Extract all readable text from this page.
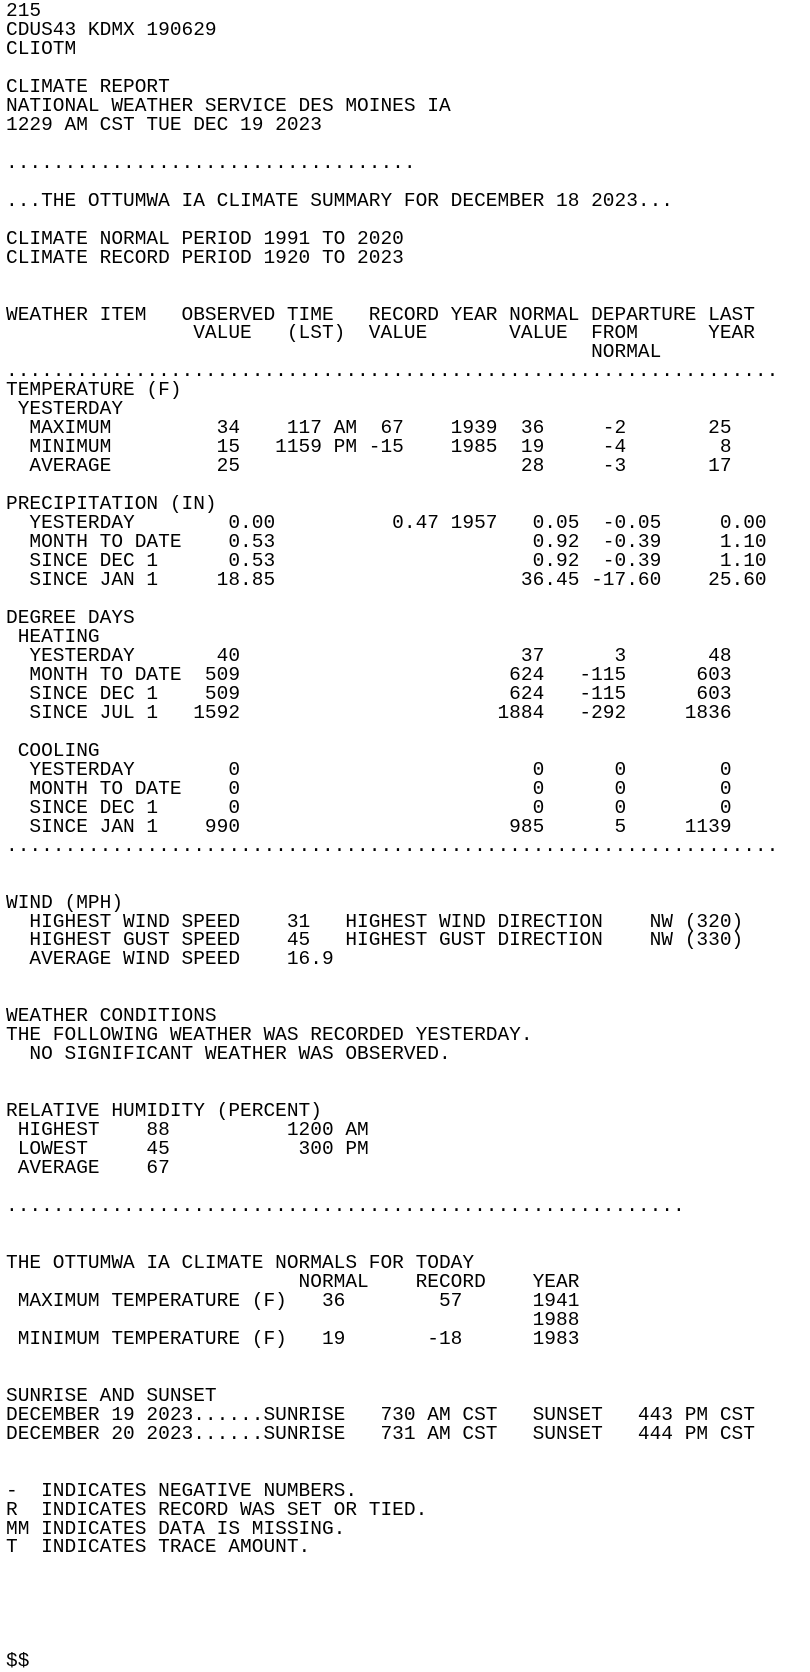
215
CDUS43 KDMX 190629
CLIOTM
CLIMATE REPORT
NATIONAL WEATHER SERVICE DES MOINES IA
1229 AM CST TUE DEC 19 2023
...................................
...THE OTTUMWA IA CLIMATE SUMMARY FOR DECEMBER 18 2023...
CLIMATE NORMAL PERIOD 1991 TO 2020
CLIMATE RECORD PERIOD 1920 TO 2023
WEATHER ITEM   OBSERVED TIME   RECORD YEAR NORMAL DEPARTURE LAST
VALUE   (LST)  VALUE       VALUE  FROM      YEAR
NORMAL
..................................................................
TEMPERATURE (F)
YESTERDAY
MAXIMUM         34    117 AM  67    1939  36     -2       25
MINIMUM         15   1159 PM -15    1985  19     -4        8
AVERAGE         25                        28     -3       17
PRECIPITATION (IN)
YESTERDAY        0.00          0.47 1957   0.05  -0.05     0.00
MONTH TO DATE    0.53                      0.92  -0.39     1.10
SINCE DEC 1      0.53                      0.92  -0.39     1.10
SINCE JAN 1     18.85                     36.45 -17.60    25.60
DEGREE DAYS
HEATING
YESTERDAY       40                        37      3       48
MONTH TO DATE  509                       624   -115      603
SINCE DEC 1    509                       624   -115      603
SINCE JUL 1   1592                      1884   -292     1836
COOLING
YESTERDAY        0                         0      0        0
MONTH TO DATE    0                         0      0        0
SINCE DEC 1      0                         0      0        0
SINCE JAN 1    990                       985      5     1139
..................................................................
WIND (MPH)
HIGHEST WIND SPEED    31   HIGHEST WIND DIRECTION    NW (320)
HIGHEST GUST SPEED    45   HIGHEST GUST DIRECTION    NW (330)
AVERAGE WIND SPEED    16.9
WEATHER CONDITIONS
THE FOLLOWING WEATHER WAS RECORDED YESTERDAY.
NO SIGNIFICANT WEATHER WAS OBSERVED.
RELATIVE HUMIDITY (PERCENT)
HIGHEST    88          1200 AM
LOWEST     45           300 PM
AVERAGE    67
..........................................................
THE OTTUMWA IA CLIMATE NORMALS FOR TODAY
NORMAL    RECORD    YEAR
MAXIMUM TEMPERATURE (F)   36        57      1941
1988
MINIMUM TEMPERATURE (F)   19       -18      1983
SUNRISE AND SUNSET
DECEMBER 19 2023......SUNRISE   730 AM CST   SUNSET   443 PM CST
DECEMBER 20 2023......SUNRISE   731 AM CST   SUNSET   444 PM CST
-  INDICATES NEGATIVE NUMBERS.
R  INDICATES RECORD WAS SET OR TIED.
MM INDICATES DATA IS MISSING.
T  INDICATES TRACE AMOUNT.
$$
